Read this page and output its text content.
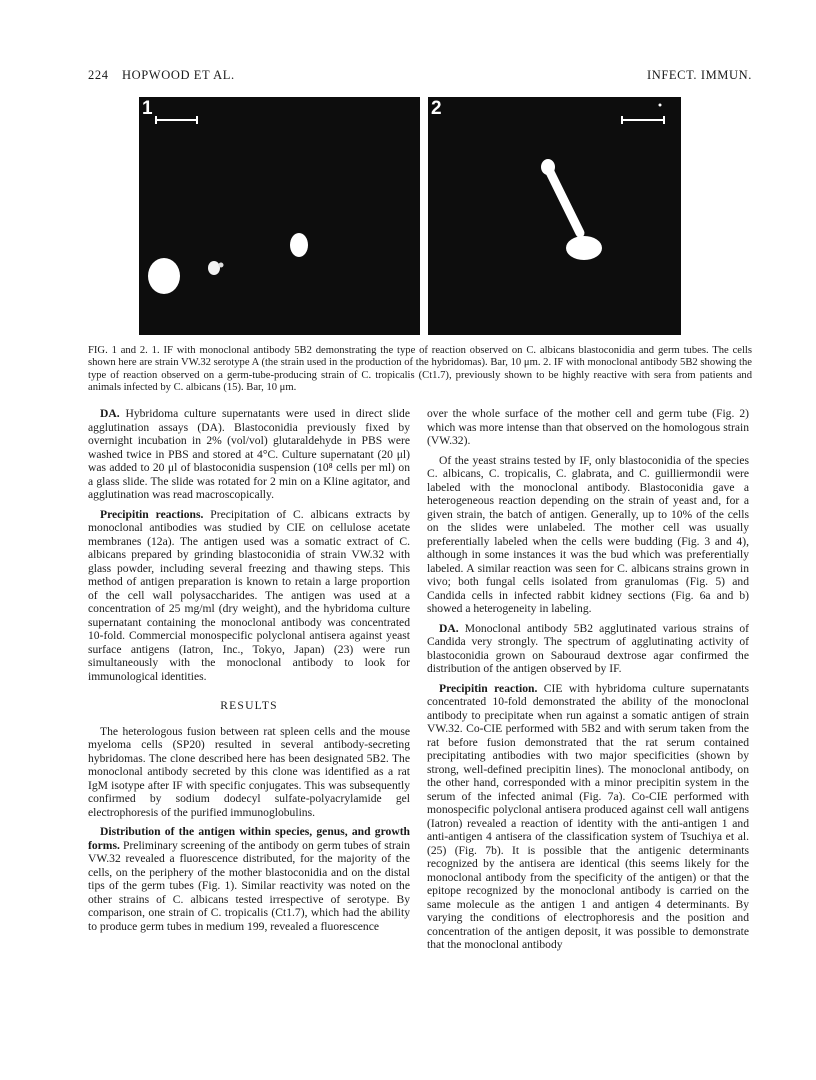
224 HOPWOOD ET AL.	INFECT. IMMUN.
1	2
FIG. 1 and 2. 1. IF with monoclonal antibody 5B2 demonstrating the type of reaction observed on C. albicans blastoconidia and germ tubes. The cells shown here are strain VW.32 serotype A (the strain used in the production of the hybridomas). Bar, 10 μm. 2. IF with monoclonal antibody 5B2 showing the type of reaction observed on a germ-tube-producing strain of C. tropicalis (Ct1.7), previously shown to be highly reactive with sera from patients and animals infected by C. albicans (15). Bar, 10 μm.

DA. Hybridoma culture supernatants were used in direct slide agglutination assays (DA). Blastoconidia previously fixed by overnight incubation in 2% (vol/vol) glutaraldehyde in PBS were washed twice in PBS and stored at 4°C. Culture supernatant (20 μl) was added to 20 μl of blastoconidia suspension (10⁸ cells per ml) on a glass slide. The slide was rotated for 2 min on a Kline agitator, and agglutination was read macroscopically.

Precipitin reactions. Precipitation of C. albicans extracts by monoclonal antibodies was studied by CIE on cellulose acetate membranes (12a). The antigen used was a somatic extract of C. albicans prepared by grinding blastoconidia of strain VW.32 with glass powder, including several freezing and thawing steps. This method of antigen preparation is known to retain a large proportion of the cell wall polysaccharides. The antigen was used at a concentration of 25 mg/ml (dry weight), and the hybridoma culture supernatant containing the monoclonal antibody was concentrated 10-fold. Commercial monospecific polyclonal antisera against yeast surface antigens (Iatron, Inc., Tokyo, Japan) (23) were run simultaneously with the monoclonal antibody to look for immunological identities.

RESULTS

The heterologous fusion between rat spleen cells and the mouse myeloma cells (SP20) resulted in several antibody-secreting hybridomas. The clone described here has been designated 5B2. The monoclonal antibody secreted by this clone was identified as a rat IgM isotype after IF with specific conjugates. This was subsequently confirmed by sodium dodecyl sulfate-polyacrylamide gel electrophoresis of the purified immunoglobulins.

Distribution of the antigen within species, genus, and growth forms. Preliminary screening of the antibody on germ tubes of strain VW.32 revealed a fluorescence distributed, for the majority of the cells, on the periphery of the mother blastoconidia and on the distal tips of the germ tubes (Fig. 1). Similar reactivity was noted on the other strains of C. albicans tested irrespective of serotype. By comparison, one strain of C. tropicalis (Ct1.7), which had the ability to produce germ tubes in medium 199, revealed a fluorescence

over the whole surface of the mother cell and germ tube (Fig. 2) which was more intense than that observed on the homologous strain (VW.32).

Of the yeast strains tested by IF, only blastoconidia of the species C. albicans, C. tropicalis, C. glabrata, and C. guilliermondii were labeled with the monoclonal antibody. Blastoconidia gave a heterogeneous reaction depending on the strain of yeast and, for a given strain, the batch of antigen. Generally, up to 10% of the cells on the slides were unlabeled. The mother cell was usually preferentially labeled when the cells were budding (Fig. 3 and 4), although in some instances it was the bud which was preferentially labeled. A similar reaction was seen for C. albicans strains grown in vivo; both fungal cells isolated from granulomas (Fig. 5) and Candida cells in infected rabbit kidney sections (Fig. 6a and b) showed a heterogeneity in labeling.

DA. Monoclonal antibody 5B2 agglutinated various strains of Candida very strongly. The spectrum of agglutinating activity of blastoconidia grown on Sabouraud dextrose agar confirmed the distribution of the antigen observed by IF.

Precipitin reaction. CIE with hybridoma culture supernatants concentrated 10-fold demonstrated the ability of the monoclonal antibody to precipitate when run against a somatic antigen of strain VW.32. Co-CIE performed with 5B2 and with serum taken from the rat before fusion demonstrated that the rat serum contained precipitating antibodies with two major specificities (shown by strong, well-defined precipitin lines). The monoclonal antibody, on the other hand, corresponded with a minor precipitin system in the serum of the infected animal (Fig. 7a). Co-CIE performed with monospecific polyclonal antisera produced against cell wall antigens (Iatron) revealed a reaction of identity with the anti-antigen 1 and anti-antigen 4 antisera of the classification system of Tsuchiya et al. (25) (Fig. 7b). It is possible that the antigenic determinants recognized by the antisera are identical (this seems likely for the monoclonal antibody from the specificity of the antigen) or that the epitope recognized by the monoclonal antibody is carried on the same molecule as the antigen 1 and antigen 4 determinants. By varying the conditions of electrophoresis and the position and concentration of the antigen deposit, it was possible to demonstrate that the monoclonal antibody
